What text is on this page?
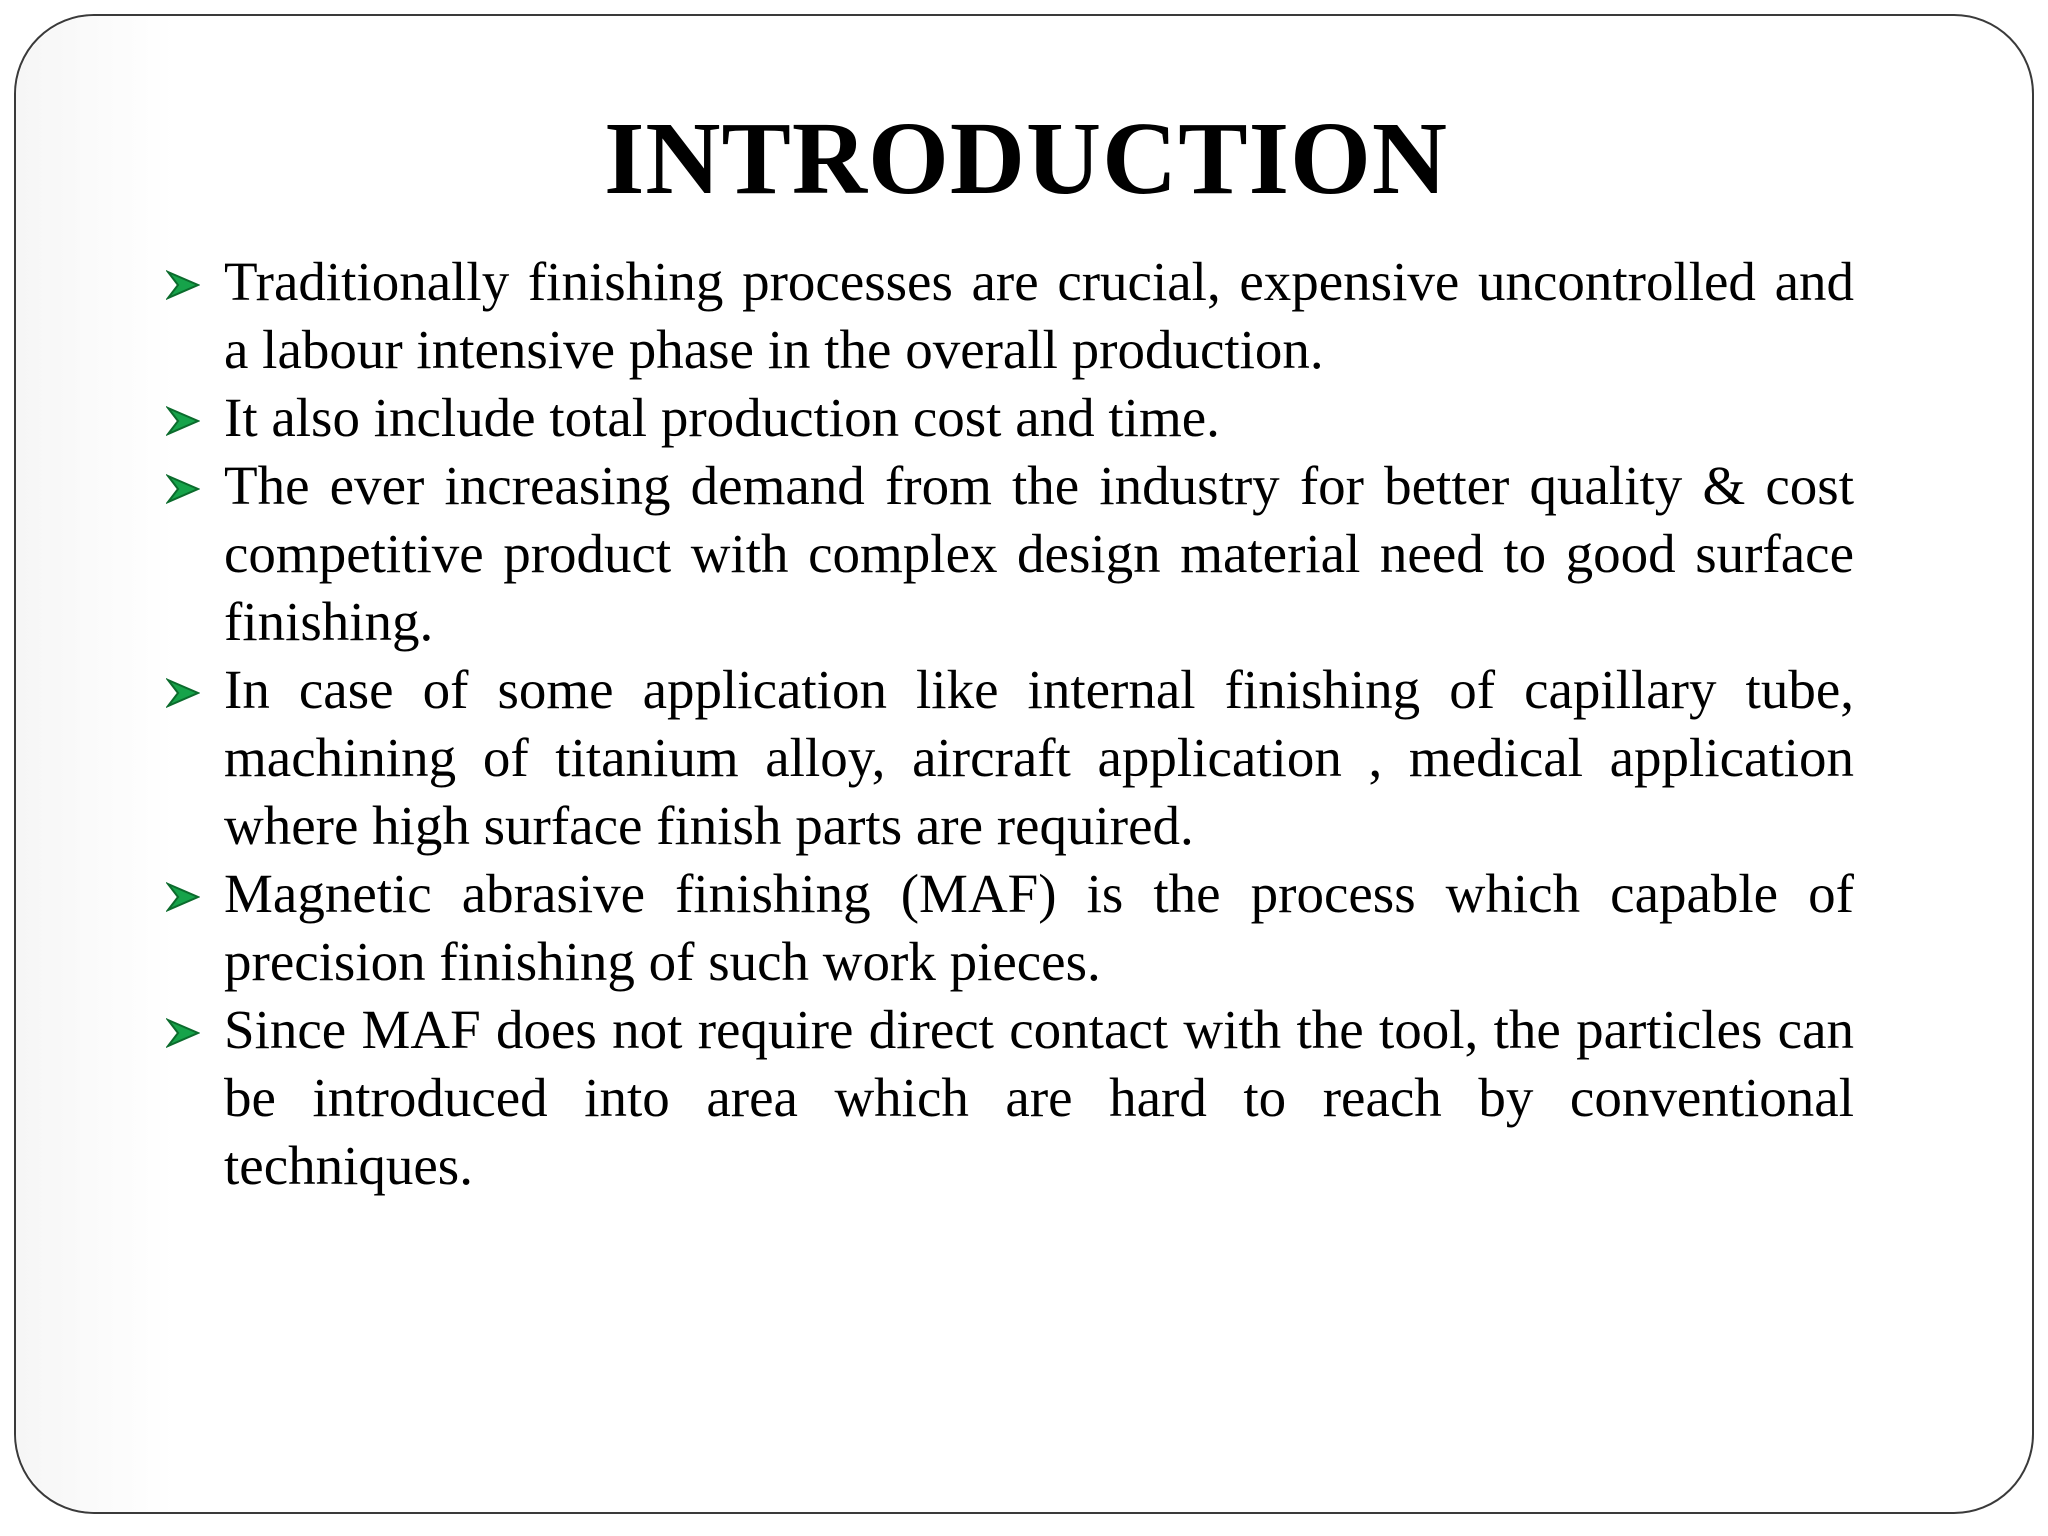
INTRODUCTION
Traditionally finishing processes are crucial, expensive uncontrolled and a labour intensive phase in the overall production.
It also include total production cost and time.
The ever increasing demand from the industry for better quality & cost competitive product with complex design material need to good surface finishing.
In case of some application like internal finishing of capillary tube, machining of titanium alloy, aircraft application , medical application where high surface finish parts are required.
Magnetic abrasive finishing (MAF) is the process which capable of precision finishing of such work pieces.
Since MAF does not require direct contact with the tool, the particles can be introduced into area which are hard to reach by conventional techniques.
